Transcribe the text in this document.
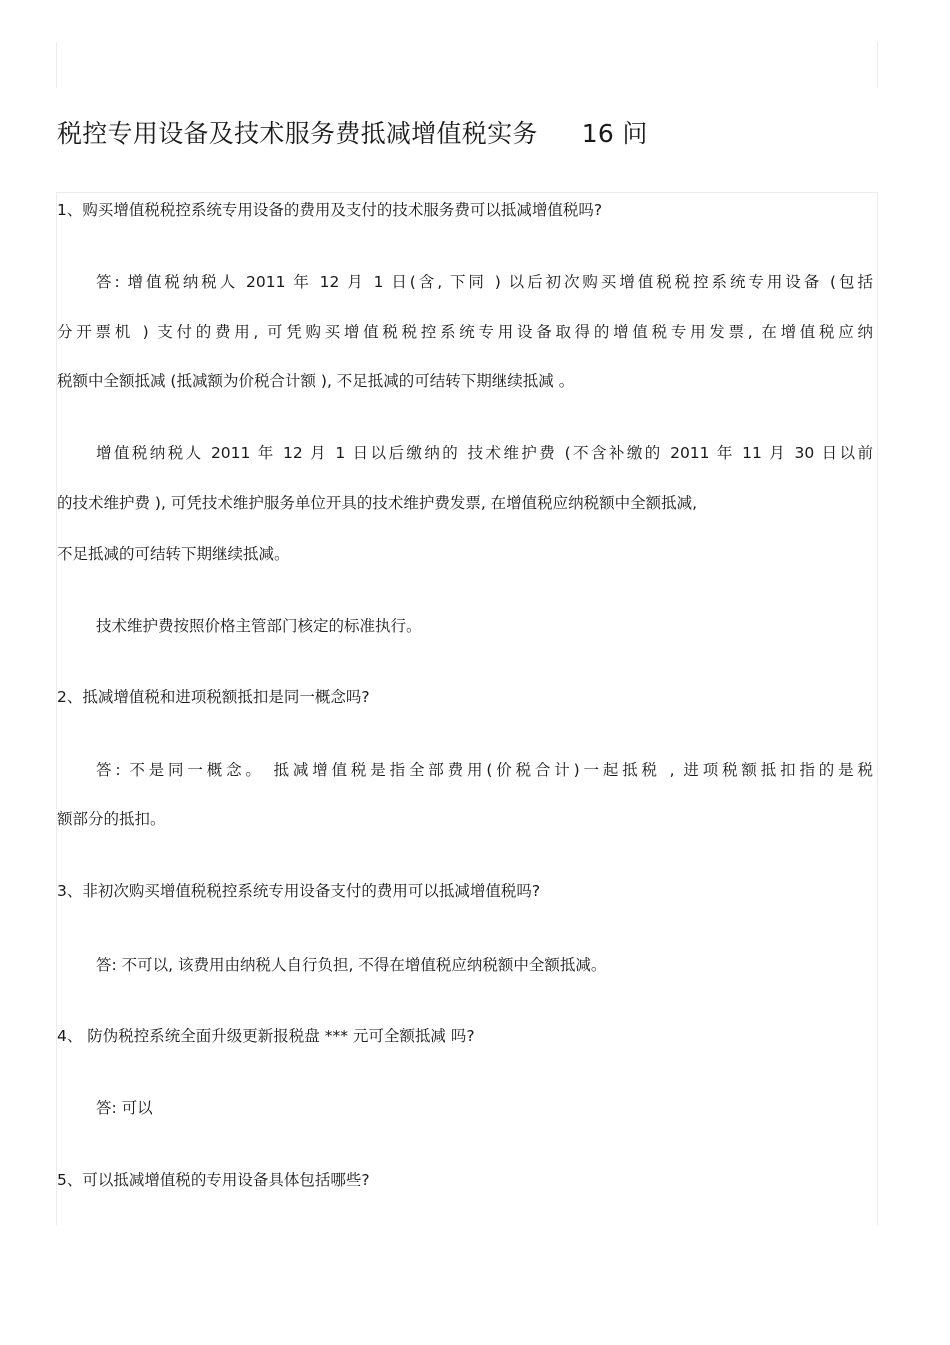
税控专用设备及技术服务费抵减增值税实务 16 问
1、购买增值税税控系统专用设备的费用及支付的技术服务费可以抵减增值税吗?
答: 增值税纳税人 2011 年 12 月 1 日(含, 下同 ) 以后初次购买增值税税控系统专用设备 (包括
分开票机 ) 支付的费用, 可凭购买增值税税控系统专用设备取得的增值税专用发票, 在增值税应纳
税额中全额抵减 (抵减额为价税合计额 ), 不足抵减的可结转下期继续抵减 。
增值税纳税人 2011 年 12 月 1 日以后缴纳的 技术维护费 (不含补缴的 2011 年 11 月 30 日以前
的技术维护费 ), 可凭技术维护服务单位开具的技术维护费发票, 在增值税应纳税额中全额抵减,
不足抵减的可结转下期继续抵减。
技术维护费按照价格主管部门核定的标准执行。
2、抵减增值税和进项税额抵扣是同一概念吗?
答: 不是同一概念。 抵减增值税是指全部费用(价税合计)一起抵税 , 进项税额抵扣指的是税
额部分的抵扣。
3、非初次购买增值税税控系统专用设备支付的费用可以抵减增值税吗?
答: 不可以, 该费用由纳税人自行负担, 不得在增值税应纳税额中全额抵减。
4、 防伪税控系统全面升级更新报税盘 *** 元可全额抵减 吗?
答: 可以
5、可以抵减增值税的专用设备具体包括哪些?
